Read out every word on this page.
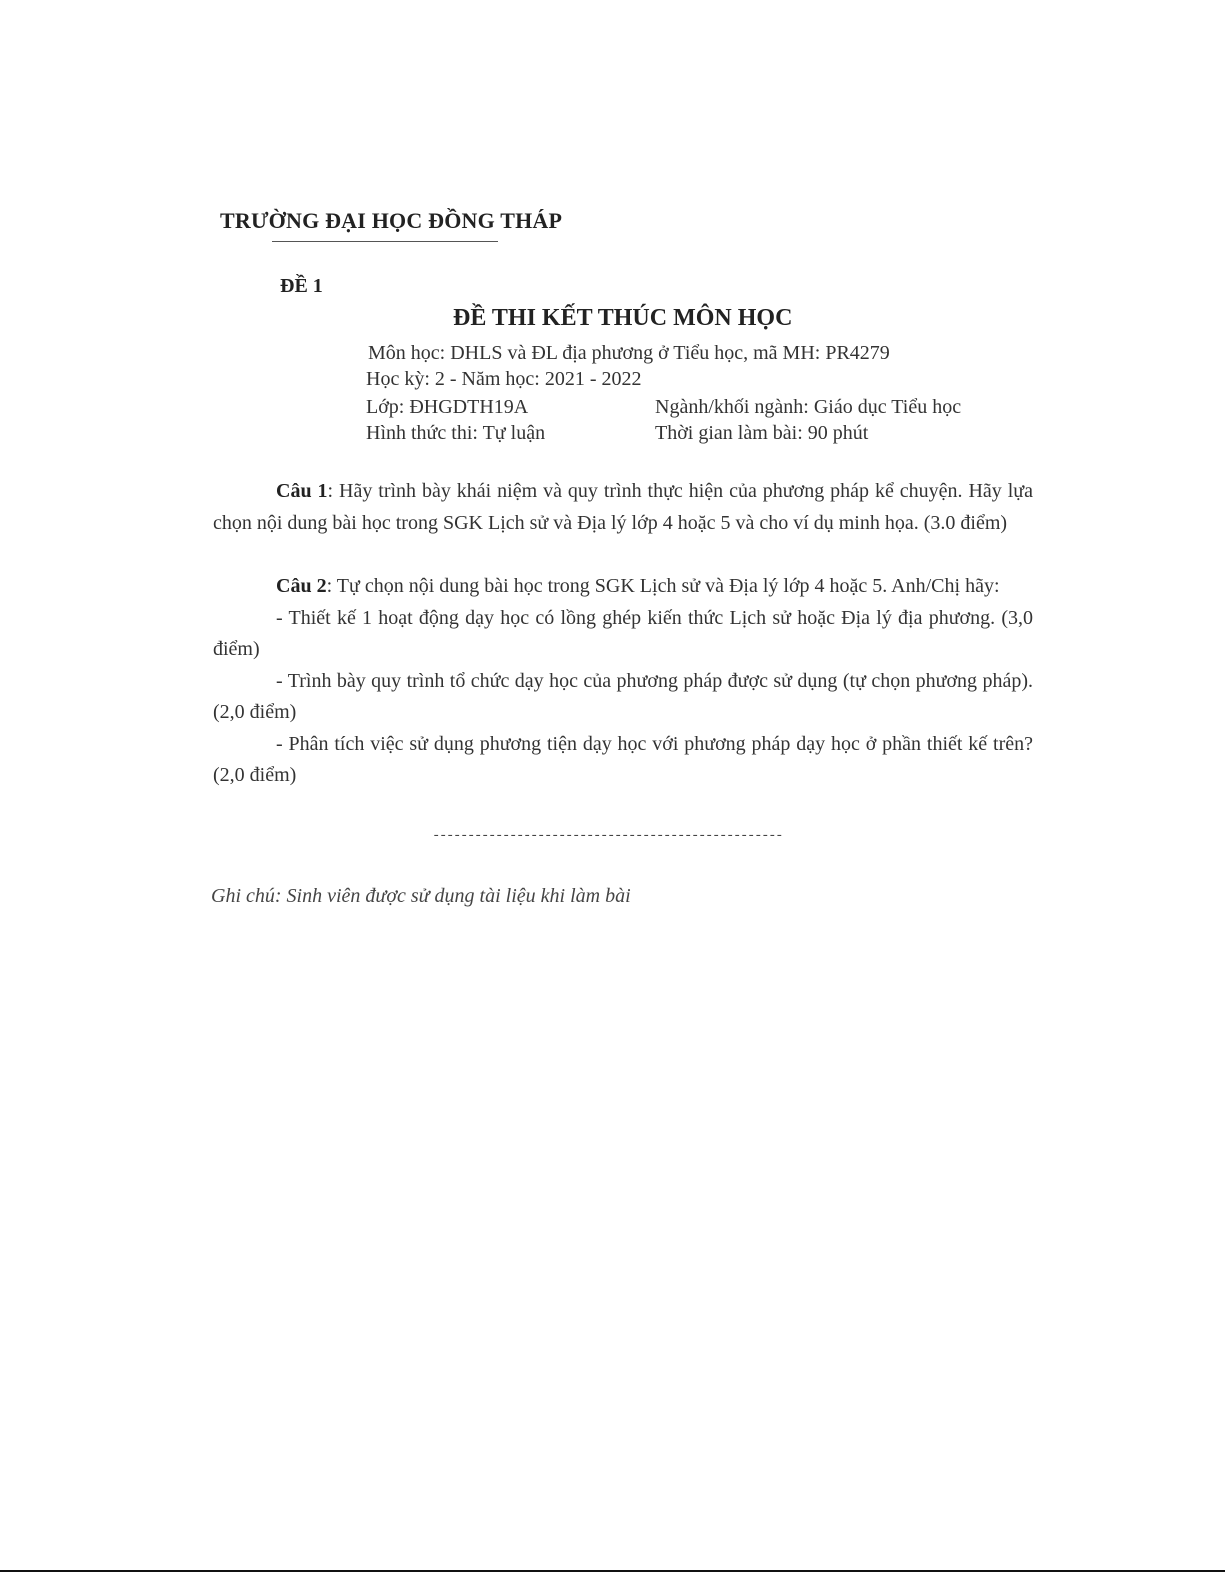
TRƯỜNG ĐẠI HỌC ĐỒNG THÁP
ĐỀ 1
ĐỀ THI KẾT THÚC MÔN HỌC
Môn học: DHLS và ĐL địa phương ở Tiểu học, mã MH: PR4279
Học kỳ: 2 - Năm học: 2021 - 2022
Lớp: ĐHGDTH19A	Ngành/khối ngành: Giáo dục Tiểu học
Hình thức thi: Tự luận	Thời gian làm bài: 90 phút

Câu 1: Hãy trình bày khái niệm và quy trình thực hiện của phương pháp kể chuyện. Hãy lựa chọn nội dung bài học trong SGK Lịch sử và Địa lý lớp 4 hoặc 5 và cho ví dụ minh họa. (3.0 điểm)

Câu 2: Tự chọn nội dung bài học trong SGK Lịch sử và Địa lý lớp 4 hoặc 5. Anh/Chị hãy:

- Thiết kế 1 hoạt động dạy học có lồng ghép kiến thức Lịch sử hoặc Địa lý địa phương. (3,0 điểm)

- Trình bày quy trình tổ chức dạy học của phương pháp được sử dụng (tự chọn phương pháp). (2,0 điểm)

- Phân tích việc sử dụng phương tiện dạy học với phương pháp dạy học ở phần thiết kế trên? (2,0 điểm)

--------------------------------------------------
Ghi chú: Sinh viên được sử dụng tài liệu khi làm bài
